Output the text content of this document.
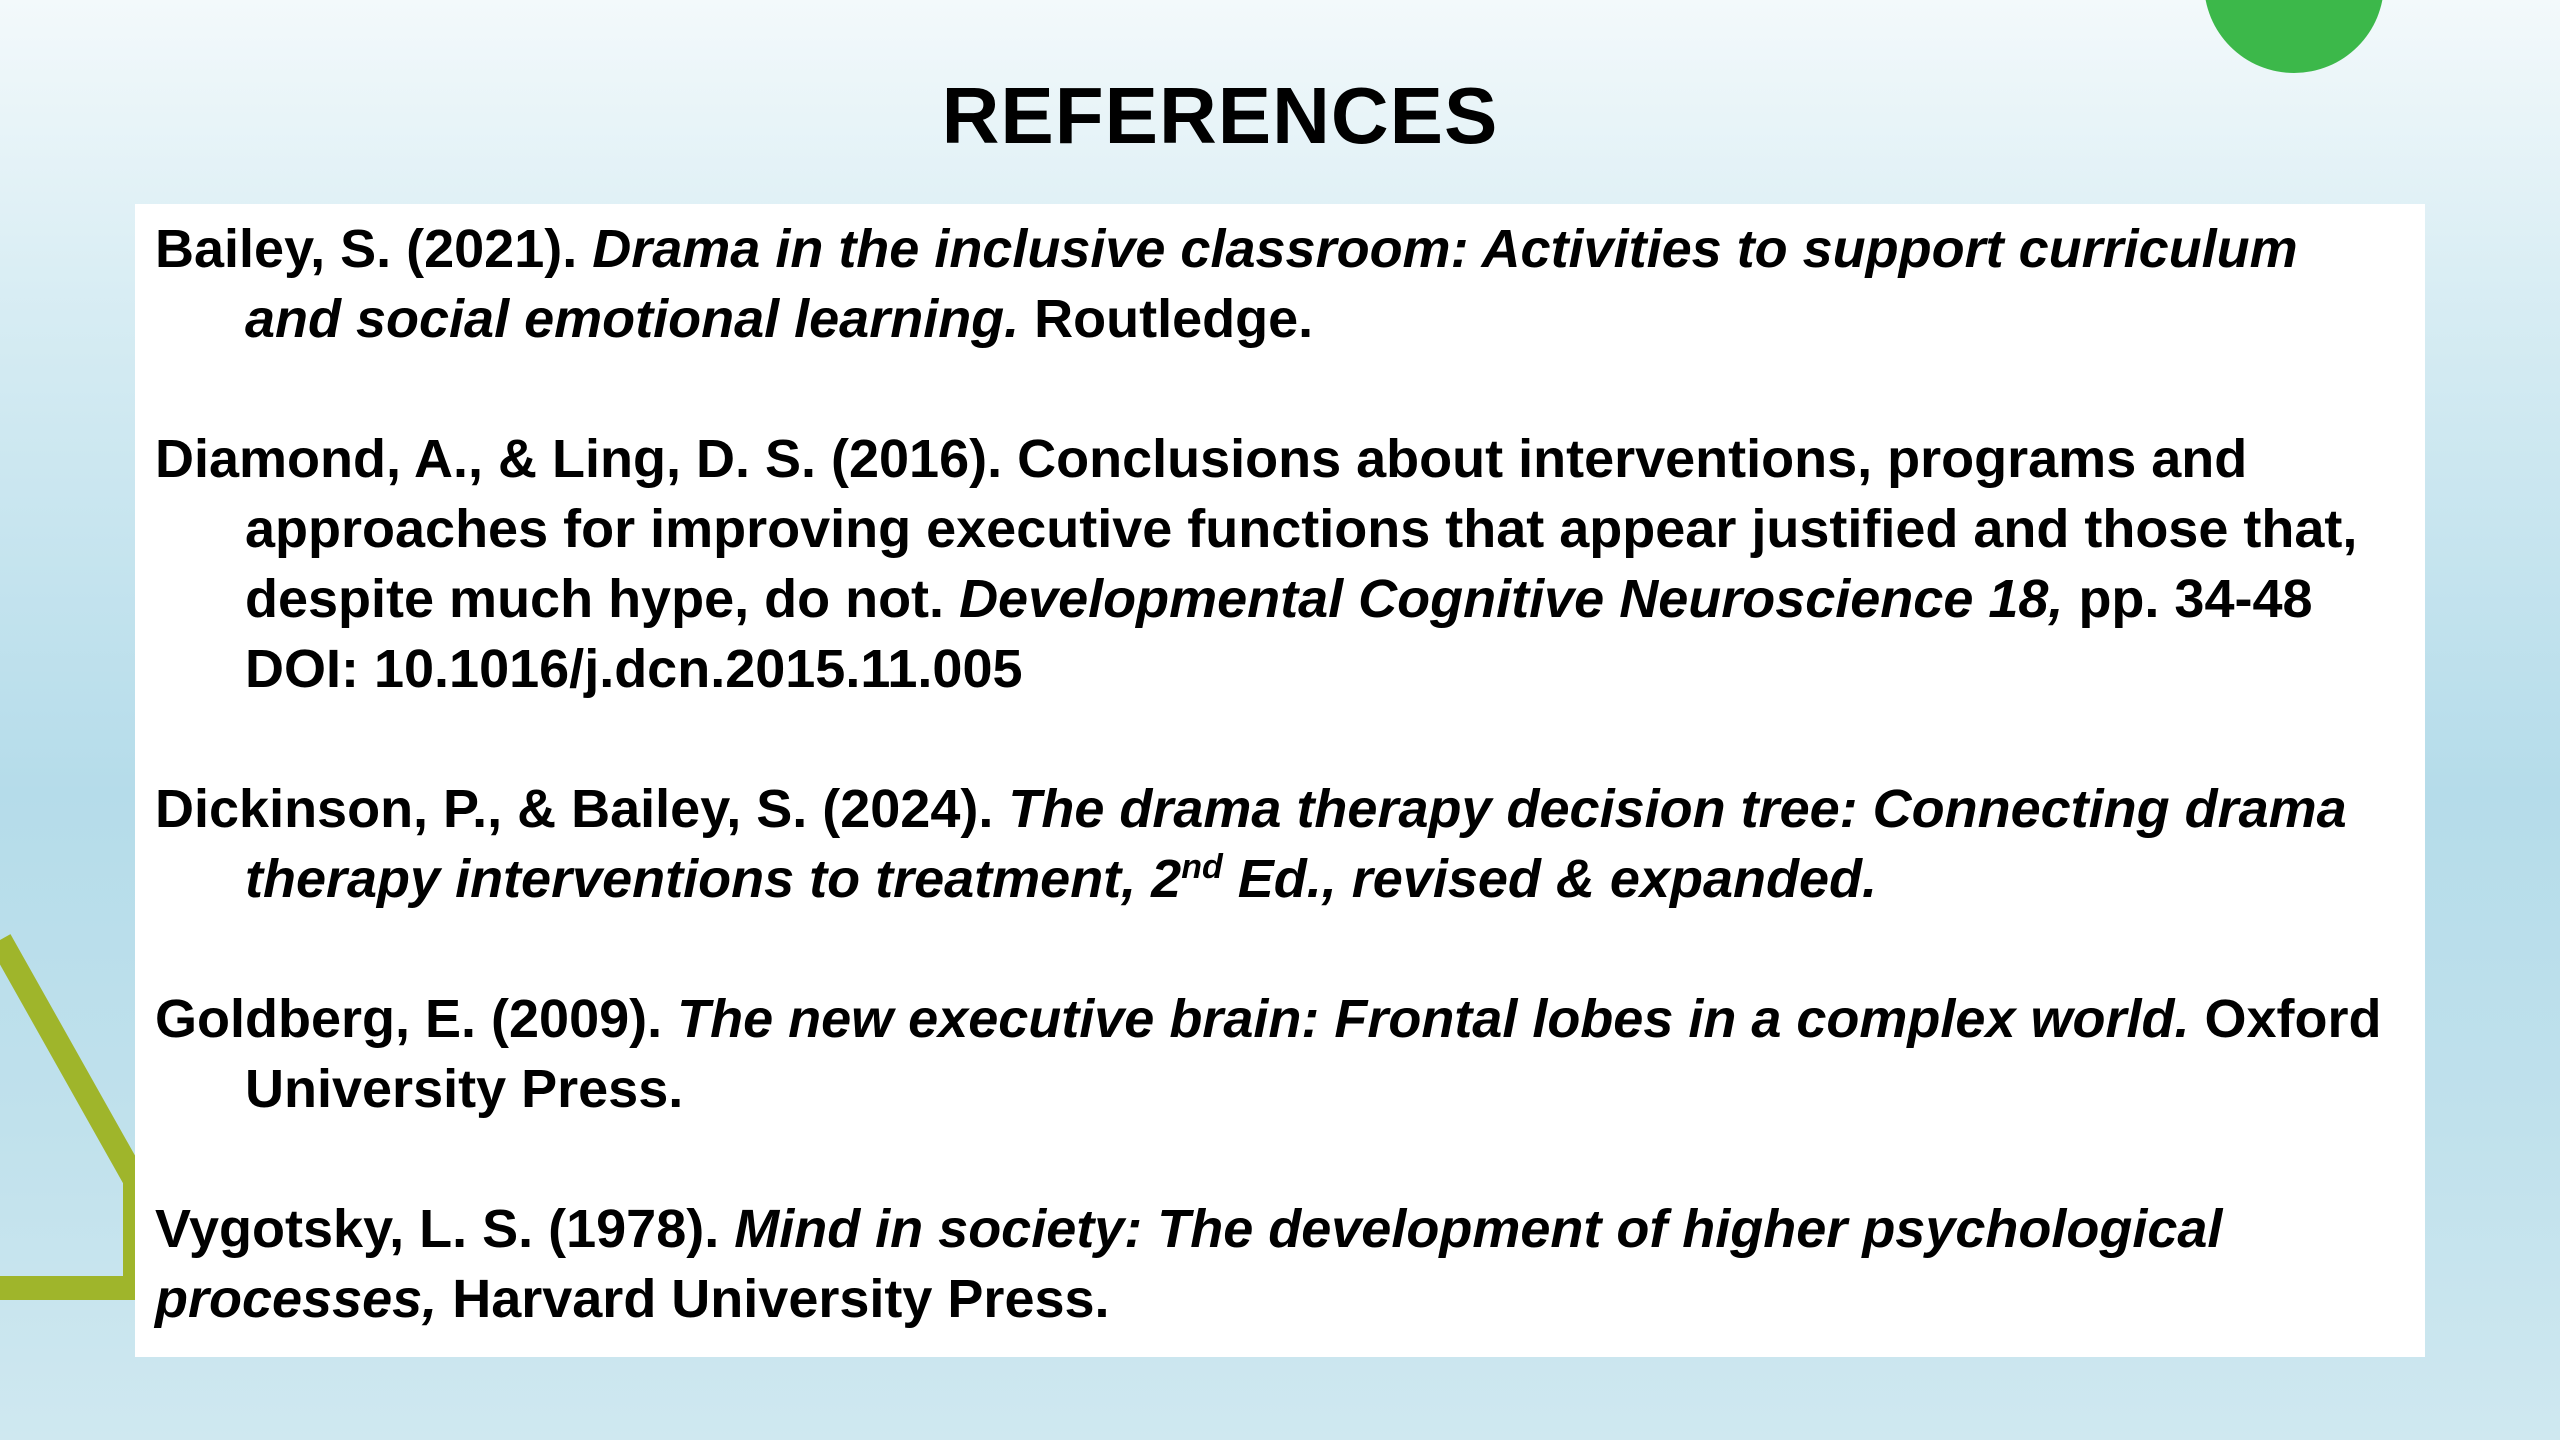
REFERENCES

Bailey, S. (2021). Drama in the inclusive classroom: Activities to support curriculum and social emotional learning. Routledge.

Diamond, A., & Ling, D. S. (2016). Conclusions about interventions, programs and approaches for improving executive functions that appear justified and those that, despite much hype, do not. Developmental Cognitive Neuroscience 18, pp. 34-48 DOI: 10.1016/j.dcn.2015.11.005

Dickinson, P., & Bailey, S. (2024). The drama therapy decision tree: Connecting drama therapy interventions to treatment, 2nd Ed., revised & expanded.

Goldberg, E. (2009). The new executive brain: Frontal lobes in a complex world. Oxford University Press.

Vygotsky, L. S. (1978). Mind in society: The development of higher psychological processes, Harvard University Press.
